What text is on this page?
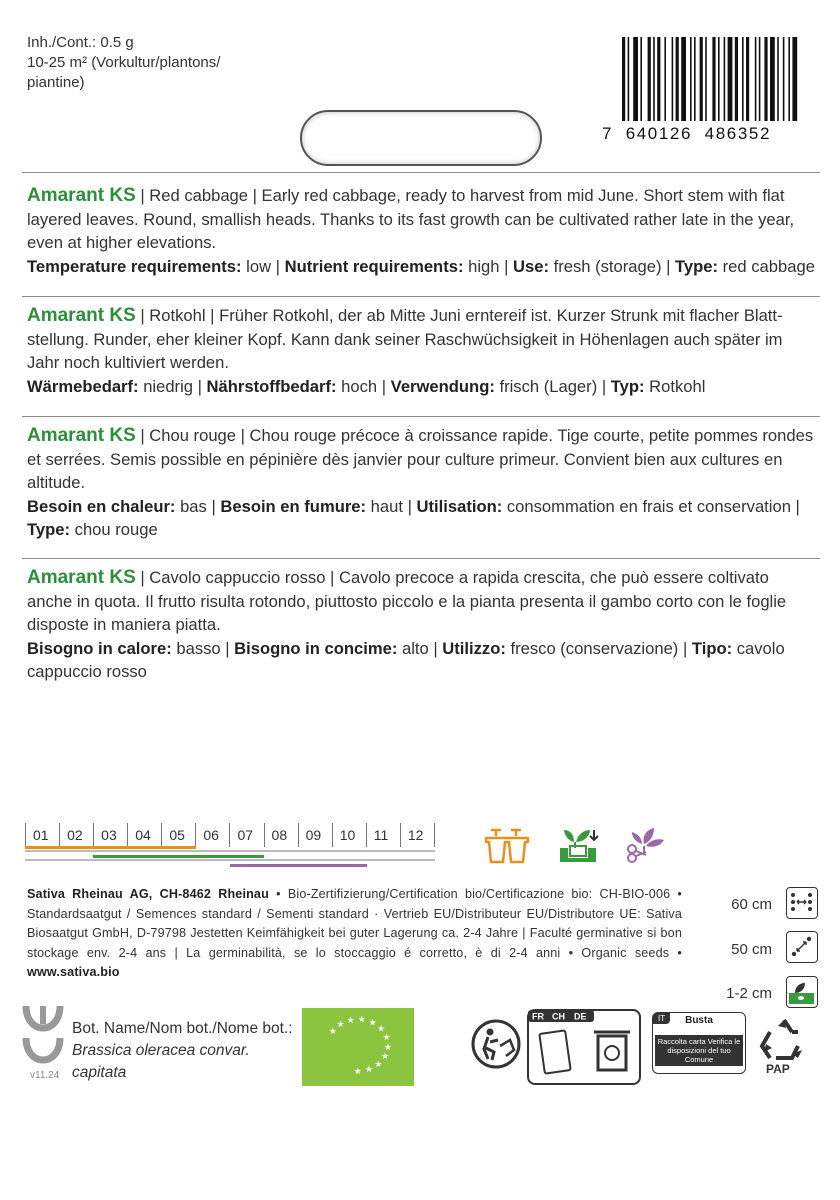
Inh./Cont.: 0.5 g
10-25 m² (Vorkultur/plantons/
piantine)
7  640126  486352
Amarant KS | Red cabbage | Early red cabbage, ready to harvest from mid June. Short stem with flat layered leaves. Round, smallish heads. Thanks to its fast growth can be cultivated rather late in the year, even at higher elevations.
Temperature requirements: low | Nutrient requirements: high | Use: fresh (storage) | Type: red cabbage
Amarant KS | Rotkohl | Früher Rotkohl, der ab Mitte Juni erntereif ist. Kurzer Strunk mit flacher Blatt-stellung. Runder, eher kleiner Kopf. Kann dank seiner Raschwüchsigkeit in Höhenlagen auch später im Jahr noch kultiviert werden.
Wärmebedarf: niedrig | Nährstoffbedarf: hoch | Verwendung: frisch (Lager) | Typ: Rotkohl
Amarant KS | Chou rouge | Chou rouge précoce à croissance rapide. Tige courte, petite pommes rondes et serrées. Semis possible en pépinière dès janvier pour culture primeur. Convient bien aux cultures en altitude.
Besoin en chaleur: bas | Besoin en fumure: haut | Utilisation: consommation en frais et conservation | Type: chou rouge
Amarant KS | Cavolo cappuccio rosso | Cavolo precoce a rapida crescita, che può essere coltivato anche in quota. Il frutto risulta rotondo, piuttosto piccolo e la pianta presenta il gambo corto con le foglie disposte in maniera piatta.
Bisogno in calore: basso | Bisogno in concime: alto | Utilizzo: fresco (conservazione) | Tipo: cavolo cappuccio rosso
01	02	03	04	05	06	07	08	09	10	11	12
Sativa Rheinau AG, CH-8462 Rheinau • Bio-Zertifizierung/Certification bio/Certificazione bio: CH-BIO-006 • Standardsaatgut / Semences standard / Sementi standard · Vertrieb EU/Distributeur EU/Distributore UE: Sativa Biosaatgut GmbH, D-79798 Jestetten Keimfähigkeit bei guter Lagerung ca. 2-4 Jahre | Faculté germinative si bon stockage env. 2-4 ans | La germinabilità, se lo stoccaggio é corretto, è di 2-4 anni • Organic seeds • www.sativa.bio
60 cm
50 cm
1-2 cm
v11.24
Bot. Name/Nom bot./Nome bot.:
Brassica oleracea convar.
capitata
★
★ ★ ★ ★
★
★
★
★
★
★
★
FR CH DE	IT	Busta
Raccolta carta Verifica le disposizioni del tuo Comune
22
PAP
